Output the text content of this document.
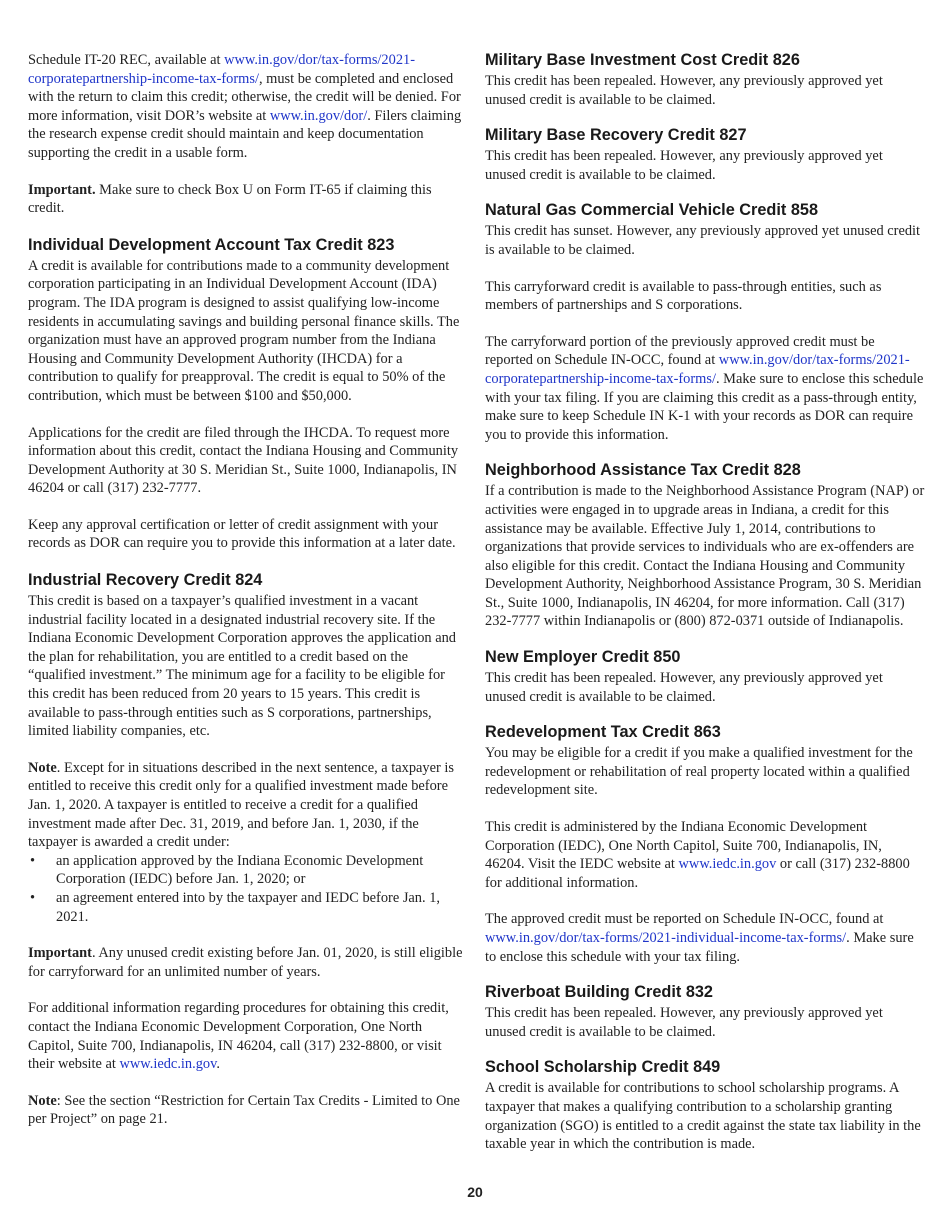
Schedule IT-20 REC, available at www.in.gov/dor/tax-forms/2021-corporatepartnership-income-tax-forms/, must be completed and enclosed with the return to claim this credit; otherwise, the credit will be denied. For more information, visit DOR’s website at www.in.gov/dor/. Filers claiming the research expense credit should maintain and keep documentation supporting the credit in a usable form.

Important. Make sure to check Box U on Form IT-65 if claiming this credit.

Individual Development Account Tax Credit 823

A credit is available for contributions made to a community development corporation participating in an Individual Development Account (IDA) program. The IDA program is designed to assist qualifying low-income residents in accumulating savings and building personal finance skills. The organization must have an approved program number from the Indiana Housing and Community Development Authority (IHCDA) for a contribution to qualify for preapproval. The credit is equal to 50% of the contribution, which must be between $100 and $50,000.

Applications for the credit are filed through the IHCDA. To request more information about this credit, contact the Indiana Housing and Community Development Authority at 30 S. Meridian St., Suite 1000, Indianapolis, IN 46204 or call (317) 232-7777.

Keep any approval certification or letter of credit assignment with your records as DOR can require you to provide this information at a later date.

Industrial Recovery Credit 824

This credit is based on a taxpayer’s qualified investment in a vacant industrial facility located in a designated industrial recovery site. If the Indiana Economic Development Corporation approves the application and the plan for rehabilitation, you are entitled to a credit based on the “qualified investment.” The minimum age for a facility to be eligible for this credit has been reduced from 20 years to 15 years. This credit is available to pass-through entities such as S corporations, partnerships, limited liability companies, etc.

Note. Except for in situations described in the next sentence, a taxpayer is entitled to receive this credit only for a qualified investment made before Jan. 1, 2020. A taxpayer is entitled to receive a credit for a qualified investment made after Dec. 31, 2019, and before Jan. 1, 2030, if the taxpayer is awarded a credit under:

• an application approved by the Indiana Economic Development Corporation (IEDC) before Jan. 1, 2020; or
• an agreement entered into by the taxpayer and IEDC before Jan. 1, 2021.

Important. Any unused credit existing before Jan. 01, 2020, is still eligible for carryforward for an unlimited number of years.

For additional information regarding procedures for obtaining this credit, contact the Indiana Economic Development Corporation, One North Capitol, Suite 700, Indianapolis, IN 46204, call (317) 232-8800, or visit their website at www.iedc.in.gov.

Note: See the section “Restriction for Certain Tax Credits - Limited to One per Project” on page 21.

Military Base Investment Cost Credit 826

This credit has been repealed. However, any previously approved yet unused credit is available to be claimed.

Military Base Recovery Credit 827

This credit has been repealed. However, any previously approved yet unused credit is available to be claimed.

Natural Gas Commercial Vehicle Credit 858

This credit has sunset. However, any previously approved yet unused credit is available to be claimed.

This carryforward credit is available to pass-through entities, such as members of partnerships and S corporations.

The carryforward portion of the previously approved credit must be reported on Schedule IN-OCC, found at www.in.gov/dor/tax-forms/2021-corporatepartnership-income-tax-forms/. Make sure to enclose this schedule with your tax filing. If you are claiming this credit as a pass-through entity, make sure to keep Schedule IN K-1 with your records as DOR can require you to provide this information.

Neighborhood Assistance Tax Credit 828

If a contribution is made to the Neighborhood Assistance Program (NAP) or activities were engaged in to upgrade areas in Indiana, a credit for this assistance may be available. Effective July 1, 2014, contributions to organizations that provide services to individuals who are ex-offenders are also eligible for this credit. Contact the Indiana Housing and Community Development Authority, Neighborhood Assistance Program, 30 S. Meridian St., Suite 1000, Indianapolis, IN 46204, for more information. Call (317) 232-7777 within Indianapolis or (800) 872-0371 outside of Indianapolis.

New Employer Credit 850

This credit has been repealed. However, any previously approved yet unused credit is available to be claimed.

Redevelopment Tax Credit 863

You may be eligible for a credit if you make a qualified investment for the redevelopment or rehabilitation of real property located within a qualified redevelopment site.

This credit is administered by the Indiana Economic Development Corporation (IEDC), One North Capitol, Suite 700, Indianapolis, IN, 46204. Visit the IEDC website at www.iedc.in.gov or call (317) 232-8800 for additional information.

The approved credit must be reported on Schedule IN-OCC, found at www.in.gov/dor/tax-forms/2021-individual-income-tax-forms/. Make sure to enclose this schedule with your tax filing.

Riverboat Building Credit 832

This credit has been repealed. However, any previously approved yet unused credit is available to be claimed.

School Scholarship Credit 849

A credit is available for contributions to school scholarship programs. A taxpayer that makes a qualifying contribution to a scholarship granting organization (SGO) is entitled to a credit against the state tax liability in the taxable year in which the contribution is made.

20
